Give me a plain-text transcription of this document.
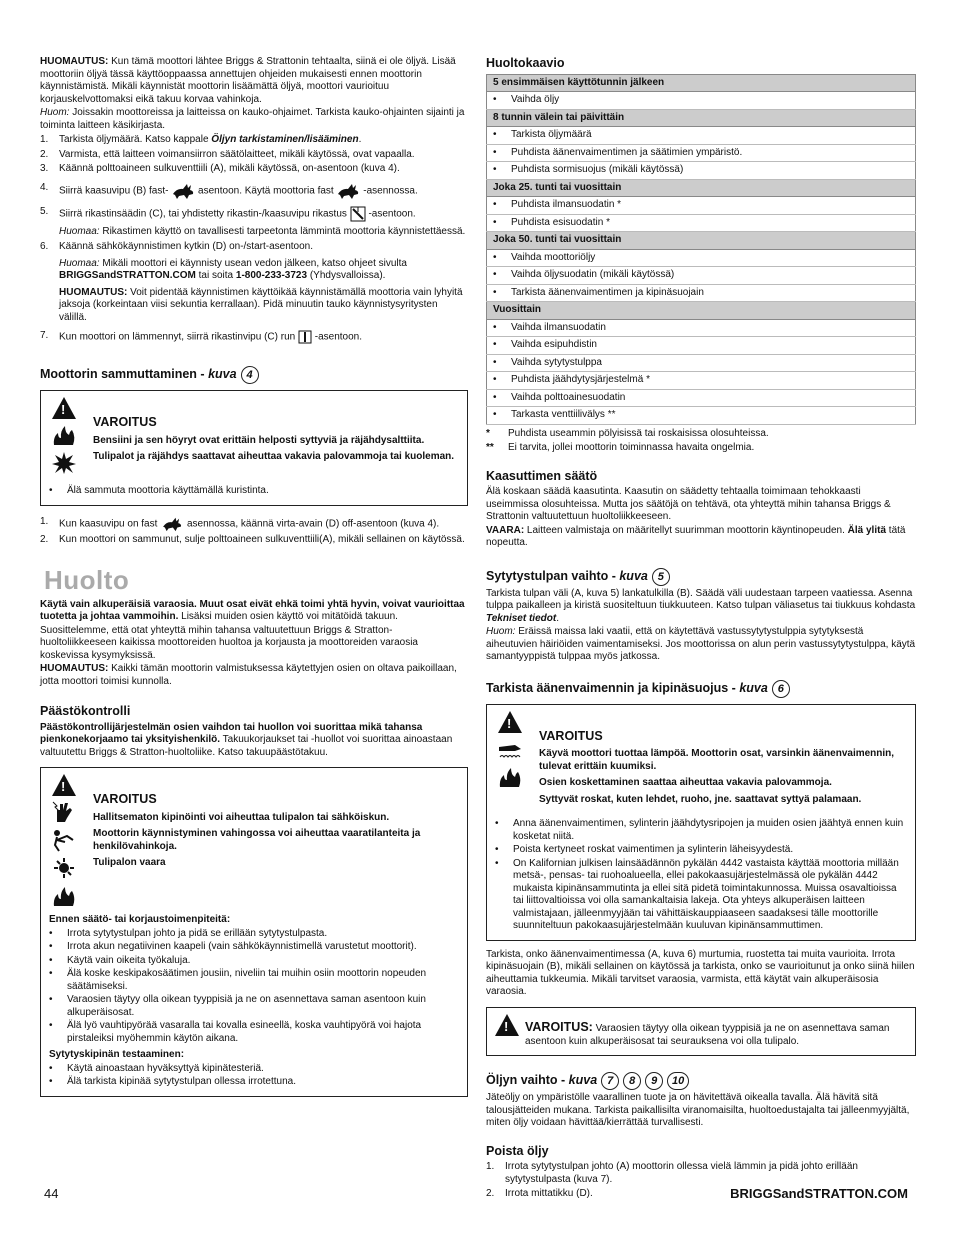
HUOMAUTUS: Kun tämä moottori lähtee Briggs & Strattonin tehtaalta, siinä ei ole öljyä. Lisää moottoriin öljyä tässä käyttöoppaassa annettujen ohjeiden mukaisesti ennen moottorin käynnistämistä. Mikäli käynnistät moottorin lisäämättä öljyä, moottori vaurioituu korjauskelvottomaksi eikä takuu korvaa vahinkoja.

Huom: Joissakin moottoreissa ja laitteissa on kauko-ohjaimet. Tarkista kauko-ohjainten sijainti ja toiminta laitteen käsikirjasta.

1.	Tarkista öljymäärä. Katso kappale Öljyn tarkistaminen/lisääminen.
2.	Varmista, että laitteen voimansiirron säätölaitteet, mikäli käytössä, ovat vapaalla.
3.	Käännä polttoaineen sulkuventtiili (A), mikäli käytössä, on-asentoon (kuva 4).
4.	Siirrä kaasuvipu (B) fast-	asentoon. Käytä moottoria fast	-asennossa.
5.	Siirrä rikastinsäädin (C), tai yhdistetty rikastin-/kaasuvipu rikastus -asentoon.

Huomaa: Rikastimen käyttö on tavallisesti tarpeetonta lämmintä moottoria käynnistettäessä.

6.	Käännä sähkökäynnistimen kytkin (D) on-/start-asentoon.

Huomaa: Mikäli moottori ei käynnisty usean vedon jälkeen, katso ohjeet sivulta BRIGGSandSTRATTON.COM tai soita 1-800-233-3723 (Yhdysvalloissa).

HUOMAUTUS: Voit pidentää käynnistimen käyttöikää käynnistämällä moottoria vain lyhyitä jaksoja (korkeintaan viisi sekuntia kerrallaan). Pidä minuutin tauko käynnistysyritysten välillä.

7.	Kun moottori on lämmennyt, siirrä rikastinvipu (C) run -asentoon.
Moottorin sammuttaminen - kuva 4
!
VAROITUS
Bensiini ja sen höyryt ovat erittäin helposti syttyviä ja räjähdysalttiita.
Tulipalot ja räjähdys saattavat aiheuttaa vakavia palovammoja tai kuoleman.
• Älä sammuta moottoria käyttämällä kuristinta.
1.	Kun kaasuvipu on fast	asennossa, käännä virta-avain (D) off-asentoon (kuva 4).
2.	Kun moottori on sammunut, sulje polttoaineen sulkuventtiili(A), mikäli sellainen on käytössä.
Huolto

Käytä vain alkuperäisiä varaosia. Muut osat eivät ehkä toimi yhtä hyvin, voivat vaurioittaa tuotetta ja johtaa vammoihin. Lisäksi muiden osien käyttö voi mitätöidä takuun.

Suosittelemme, että otat yhteyttä mihin tahansa valtuutettuun Briggs & Stratton-huoltoliikkeeseen kaikissa moottoreiden huoltoa ja korjausta ja moottoreiden varaosia koskevissa kysymyksissä.

HUOMAUTUS: Kaikki tämän moottorin valmistuksessa käytettyjen osien on oltava paikoillaan, jotta moottori toimisi kunnolla.

Päästökontrolli

Päästökontrollijärjestelmän osien vaihdon tai huollon voi suorittaa mikä tahansa pienkonekorjaamo tai yksityishenkilö. Takuukorjaukset tai -huollot voi suorittaa ainoastaan valtuutettu Briggs & Stratton-huoltoliike. Katso takuupäästötakuu.

!
VAROITUS
Hallitsematon kipinöinti voi aiheuttaa tulipalon tai sähköiskun.
Moottorin käynnistyminen vahingossa voi aiheuttaa vaaratilanteita ja henkilövahinkoja.
Tulipalon vaara

Ennen säätö- tai korjaustoimenpiteitä:

• Irrota sytytystulpan johto ja pidä se erillään sytytystulpasta.
• Irrota akun negatiivinen kaapeli (vain sähkökäynnistimellä varustetut moottorit).
• Käytä vain oikeita työkaluja.
• Älä koske keskipakosäätimen jousiin, niveliin tai muihin osiin moottorin nopeuden säätämiseksi.
• Varaosien täytyy olla oikean tyyppisiä ja ne on asennettava saman asentoon kuin alkuperäisosat.
• Älä lyö vauhtipyörää vasaralla tai kovalla esineellä, koska vauhtipyörä voi hajota pirstaleiksi myöhemmin käytön aikana.

Sytytyskipinän testaaminen:

• Käytä ainoastaan hyväksyttyä kipinätesteriä.
• Älä tarkista kipinää sytytystulpan ollessa irrotettuna.
Huoltokaavio
5 ensimmäisen käyttötunnin jälkeen
• Vaihda öljy
8 tunnin välein tai päivittäin
• Tarkista öljymäärä
• Puhdista äänenvaimentimen ja säätimien ympäristö.
• Puhdista sormisuojus (mikäli käytössä)
Joka 25. tunti tai vuosittain
• Puhdista ilmansuodatin *
• Puhdista esisuodatin *
Joka 50. tunti tai vuosittain
• Vaihda moottoriöljy
• Vaihda öljysuodatin (mikäli käytössä)
• Tarkista äänenvaimentimen ja kipinäsuojain
Vuosittain
• Vaihda ilmansuodatin
• Vaihda esipuhdistin
• Vaihda sytytystulppa
• Puhdista jäähdytysjärjestelmä *
• Vaihda polttoainesuodatin
• Tarkasta venttiilivälys **
*	Puhdista useammin pölyisissä tai roskaisissa olosuhteissa.
**	Ei tarvita, jollei moottorin toiminnassa havaita ongelmia.
Kaasuttimen säätö

Älä koskaan säädä kaasutinta. Kaasutin on säädetty tehtaalla toimimaan tehokkaasti useimmissa olosuhteissa. Mutta jos säätöjä on tehtävä, ota yhteyttä mihin tahansa Briggs & Strattonin valtuutettuun huoltoliikkeeseen.

VAARA: Laitteen valmistaja on määritellyt suurimman moottorin käyntinopeuden. Älä ylitä tätä nopeutta.

Sytytystulpan vaihto - kuva 5

Tarkista tulpan väli (A, kuva 5) lankatulkilla (B). Säädä väli uudestaan tarpeen vaatiessa. Asenna tulppa paikalleen ja kiristä suositeltuun tiukkuuteen. Katso tulpan väliasetus tai tiukkuus kohdasta Tekniset tiedot.

Huom: Eräissä maissa laki vaatii, että on käytettävä vastussytytystulppia sytytyksestä aiheutuvien häiriöiden vaimentamiseksi. Jos moottorissa on alun perin vastussytytystulppa, käytä samantyyppistä tulppaa myös jatkossa.

Tarkista äänenvaimennin ja kipinäsuojus - kuva 6
!
VAROITUS
Käyvä moottori tuottaa lämpöä. Moottorin osat, varsinkin äänenvaimennin, tulevat erittäin kuumiksi.
Osien koskettaminen saattaa aiheuttaa vakavia palovammoja.
Syttyvät roskat, kuten lehdet, ruoho, jne. saattavat syttyä palamaan.
• Anna äänenvaimentimen, sylinterin jäähdytysripojen ja muiden osien jäähtyä ennen kuin kosketat niitä.
• Poista kertyneet roskat vaimentimen ja sylinterin läheisyydestä.
• On Kalifornian julkisen lainsäädännön pykälän 4442 vastaista käyttää moottoria millään metsä-, pensas- tai ruohoalueella, ellei pakokaasujärjestelmässä ole pykälän 4442 mukaista kipinänsammutinta ja ellei sitä pidetä toimintakunnossa. Muissa osavaltioissa tai liittovaltioissa voi olla samankaltaisia lakeja. Ota yhteys alkuperäisen laitteen valmistajaan, jälleenmyyjään tai vähittäiskauppiaaseen saadaksesi tälle moottorille suunniteltuun pakokaasujärjestelmään kuuluvan kipinänsammuttimen.

Tarkista, onko äänenvaimentimessa (A, kuva 6) murtumia, ruostetta tai muita vaurioita. Irrota kipinäsuojain (B), mikäli sellainen on käytössä ja tarkista, onko se vaurioitunut ja onko siinä hiilen aiheuttamia tukkeumia. Mikäli tarvitset varaosia, varmista, että käytät vain alkuperäisosia varaosia.

!

VAROITUS: Varaosien täytyy olla oikean tyyppisiä ja ne on asennettava saman asentoon kuin alkuperäisosat tai seurauksena voi olla tulipalo.

Öljyn vaihto - kuva 7	8	9	10

Jäteöljy on ympäristölle vaarallinen tuote ja on hävitettävä oikealla tavalla. Älä hävitä sitä talousjätteiden mukana. Tarkista paikallisilta viranomaisilta, huoltoedustajalta tai jälleenmyyjältä, miten öljy voidaan hävittää/kierrättää turvallisesti.

Poista öljy
1.	Irrota sytytystulpan johto (A) moottorin ollessa vielä lämmin ja pidä johto erillään sytytystulpasta (kuva 7).
2.	Irrota mittatikku (D).
44	BRIGGSandSTRATTON.COM
